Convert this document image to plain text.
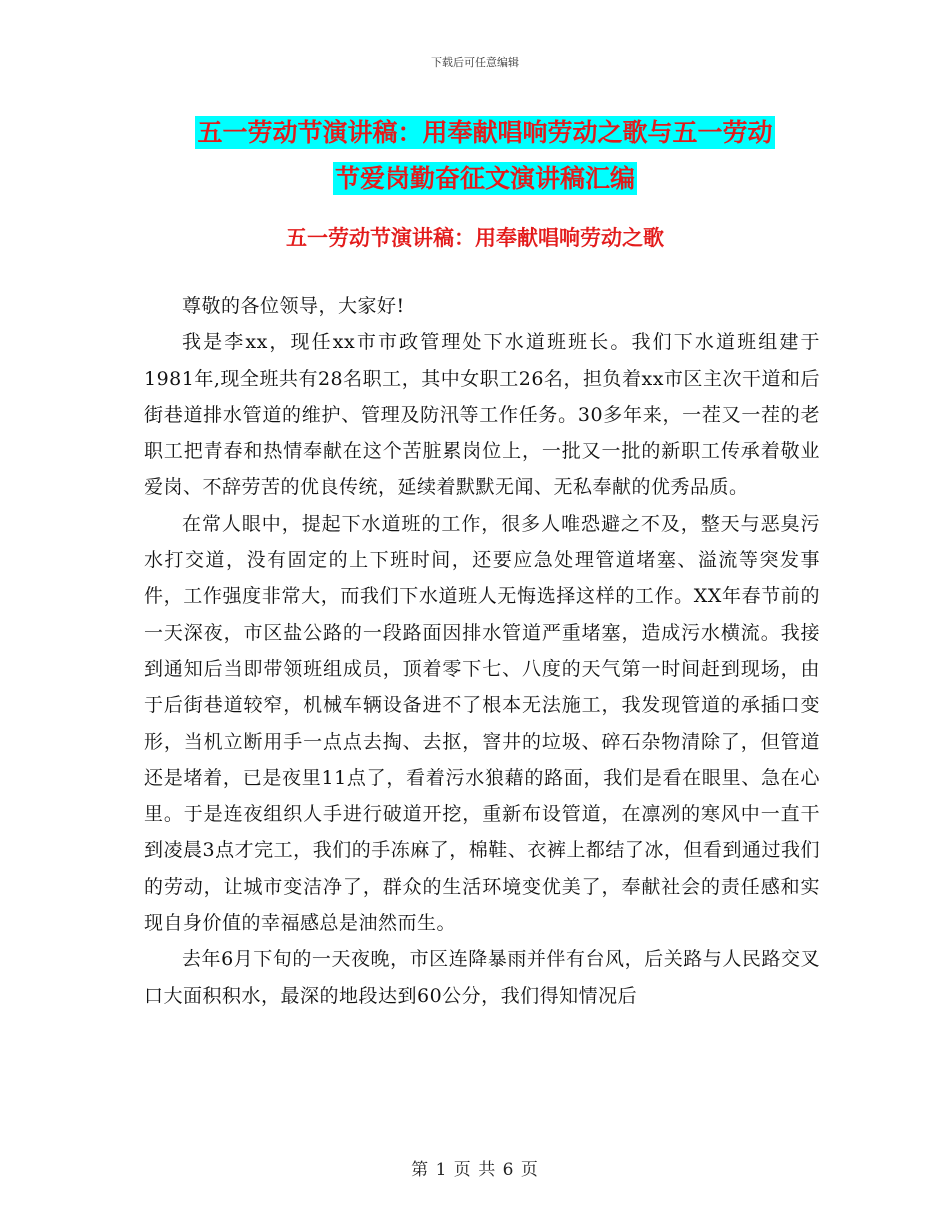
下载后可任意编辑
五一劳动节演讲稿：用奉献唱响劳动之歌与五一劳动
节爱岗勤奋征文演讲稿汇编
五一劳动节演讲稿：用奉献唱响劳动之歌

尊敬的各位领导，大家好!

我是李xx，现任xx市市政管理处下水道班班长。我们下水道班组建于1981年,现全班共有28名职工，其中女职工26名，担负着xx市区主次干道和后街巷道排水管道的维护、管理及防汛等工作任务。30多年来，一茬又一茬的老职工把青春和热情奉献在这个苦脏累岗位上，一批又一批的新职工传承着敬业爱岗、不辞劳苦的优良传统，延续着默默无闻、无私奉献的优秀品质。

在常人眼中，提起下水道班的工作，很多人唯恐避之不及，整天与恶臭污水打交道，没有固定的上下班时间，还要应急处理管道堵塞、溢流等突发事件，工作强度非常大，而我们下水道班人无悔选择这样的工作。XX年春节前的一天深夜，市区盐公路的一段路面因排水管道严重堵塞，造成污水横流。我接到通知后当即带领班组成员，顶着零下七、八度的天气第一时间赶到现场，由于后街巷道较窄，机械车辆设备进不了根本无法施工，我发现管道的承插口变形，当机立断用手一点点去掏、去抠，窨井的垃圾、碎石杂物清除了，但管道还是堵着，已是夜里11点了，看着污水狼藉的路面，我们是看在眼里、急在心里。于是连夜组织人手进行破道开挖，重新布设管道，在凛冽的寒风中一直干到凌晨3点才完工，我们的手冻麻了，棉鞋、衣裤上都结了冰，但看到通过我们的劳动，让城市变洁净了，群众的生活环境变优美了，奉献社会的责任感和实现自身价值的幸福感总是油然而生。

去年6月下旬的一天夜晚，市区连降暴雨并伴有台风，后关路与人民路交叉口大面积积水，最深的地段达到60公分，我们得知情况后

第 1 页 共 6 页
